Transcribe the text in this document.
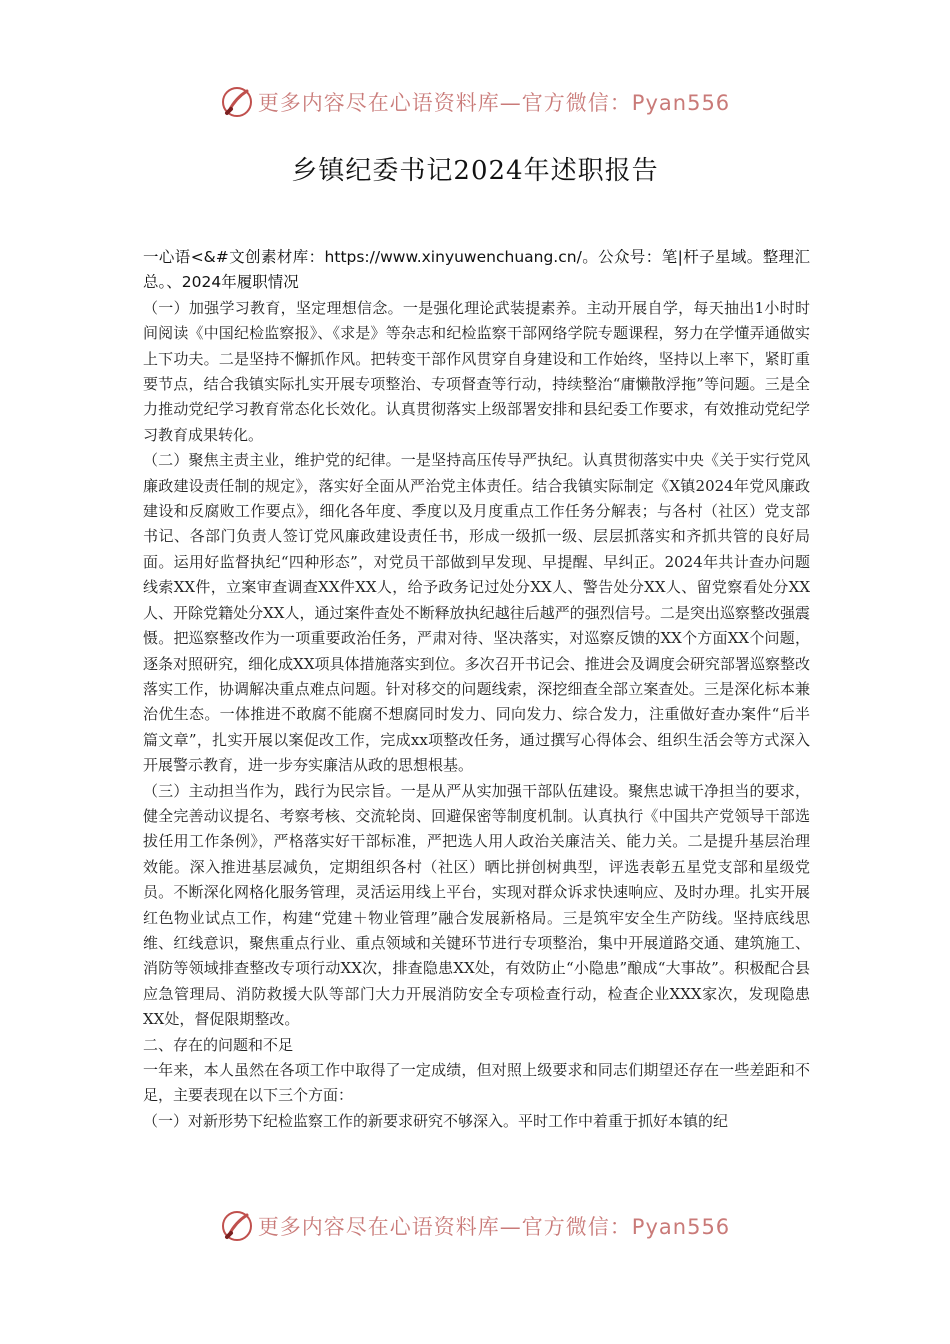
更多内容尽在心语资料库—官方微信：Pyan556
乡镇纪委书记2024年述职报告
一心语<&#文创素材库：https://www.xinyuwenchuang.cn/。公众号：笔|杆子星域。整理汇总。、2024年履职情况

（一）加强学习教育，坚定理想信念。一是强化理论武装提素养。主动开展自学，每天抽出1小时时间阅读《中国纪检监察报》、《求是》等杂志和纪检监察干部网络学院专题课程，努力在学懂弄通做实上下功夫。二是坚持不懈抓作风。把转变干部作风贯穿自身建设和工作始终，坚持以上率下，紧盯重要节点，结合我镇实际扎实开展专项整治、专项督查等行动，持续整治“庸懒散浮拖”等问题。三是全力推动党纪学习教育常态化长效化。认真贯彻落实上级部署安排和县纪委工作要求，有效推动党纪学习教育成果转化。

（二）聚焦主责主业，维护党的纪律。一是坚持高压传导严执纪。认真贯彻落实中央《关于实行党风廉政建设责任制的规定》，落实好全面从严治党主体责任。结合我镇实际制定《X镇2024年党风廉政建设和反腐败工作要点》，细化各年度、季度以及月度重点工作任务分解表；与各村（社区）党支部书记、各部门负责人签订党风廉政建设责任书，形成一级抓一级、层层抓落实和齐抓共管的良好局面。运用好监督执纪“四种形态”，对党员干部做到早发现、早提醒、早纠正。2024年共计查办问题线索XX件，立案审查调查XX件XX人，给予政务记过处分XX人、警告处分XX人、留党察看处分XX人、开除党籍处分XX人，通过案件查处不断释放执纪越往后越严的强烈信号。二是突出巡察整改强震慑。把巡察整改作为一项重要政治任务，严肃对待、坚决落实，对巡察反馈的XX个方面XX个问题，逐条对照研究，细化成XX项具体措施落实到位。多次召开书记会、推进会及调度会研究部署巡察整改落实工作，协调解决重点难点问题。针对移交的问题线索，深挖细查全部立案查处。三是深化标本兼治优生态。一体推进不敢腐不能腐不想腐同时发力、同向发力、综合发力，注重做好查办案件“后半篇文章”，扎实开展以案促改工作，完成xx项整改任务，通过撰写心得体会、组织生活会等方式深入开展警示教育，进一步夯实廉洁从政的思想根基。

（三）主动担当作为，践行为民宗旨。一是从严从实加强干部队伍建设。聚焦忠诚干净担当的要求，健全完善动议提名、考察考核、交流轮岗、回避保密等制度机制。认真执行《中国共产党领导干部选拔任用工作条例》，严格落实好干部标准，严把选人用人政治关廉洁关、能力关。二是提升基层治理效能。深入推进基层减负，定期组织各村（社区）晒比拼创树典型，评选表彰五星党支部和星级党员。不断深化网格化服务管理，灵活运用线上平台，实现对群众诉求快速响应、及时办理。扎实开展红色物业试点工作，构建“党建＋物业管理”融合发展新格局。三是筑牢安全生产防线。坚持底线思维、红线意识，聚焦重点行业、重点领域和关键环节进行专项整治，集中开展道路交通、建筑施工、消防等领域排查整改专项行动XX次，排查隐患XX处，有效防止“小隐患”酿成“大事故”。积极配合县应急管理局、消防救援大队等部门大力开展消防安全专项检查行动，检查企业XXX家次，发现隐患XX处，督促限期整改。

二、存在的问题和不足

一年来，本人虽然在各项工作中取得了一定成绩，但对照上级要求和同志们期望还存在一些差距和不足，主要表现在以下三个方面：

（一）对新形势下纪检监察工作的新要求研究不够深入。平时工作中着重于抓好本镇的纪

更多内容尽在心语资料库—官方微信：Pyan556
